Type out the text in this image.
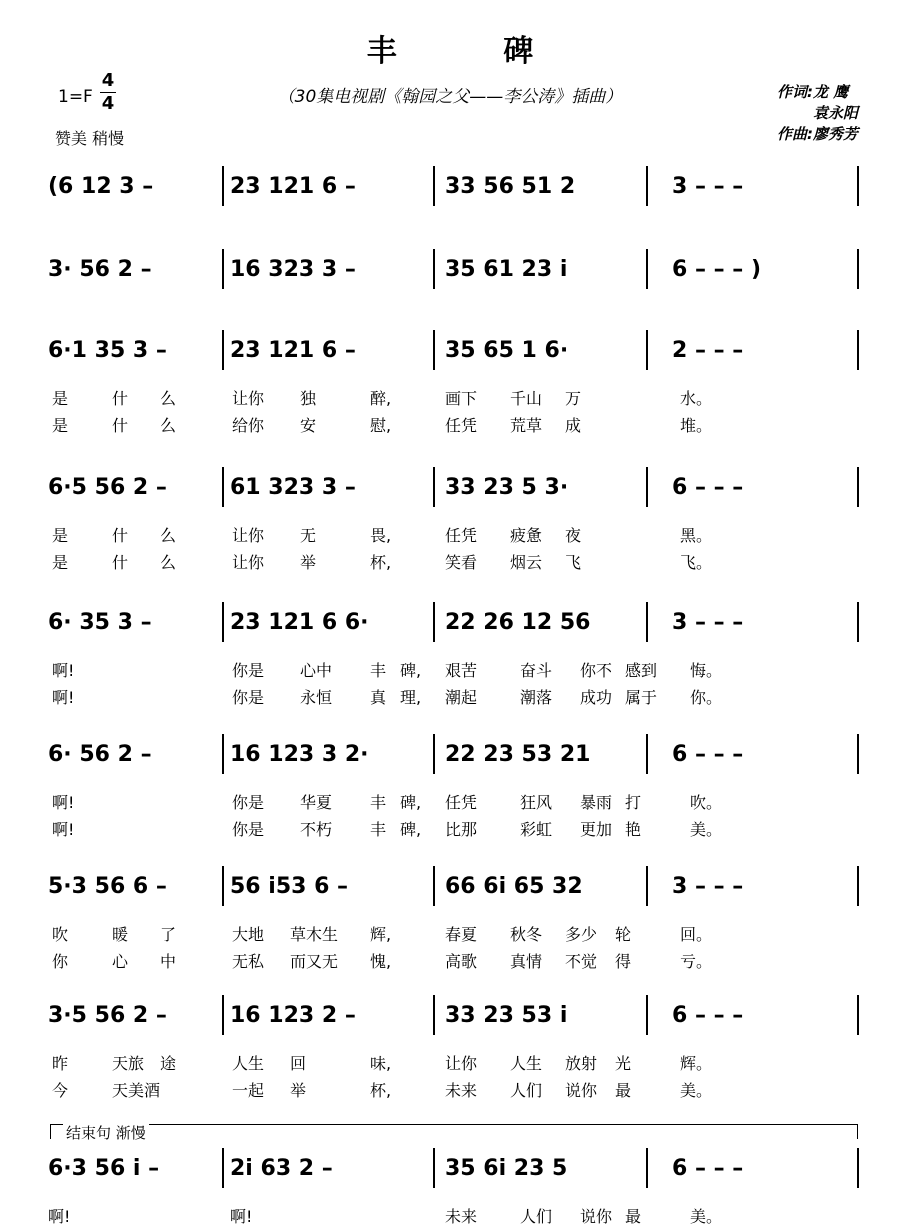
丰 碑
1=F
4
4	（30集电视剧《翰园之父——李公涛》插曲）
赞美 稍慢
作词:龙 鹰
袁永阳
作曲:廖秀芳
(6 12 3 –	23 121 6 –	33 56 51 2	3 – – –
3· 56 2 –	16 323 3 –	35 61 23 i	6 – – – )
6·1 35 3 –	23 121 6 –	35 65 1 6·	2 – – –
是	什 么	让你 独	醉,	画下 千山 万	水。
是	什 么	给你 安	慰,	任凭 荒草 成	堆。
6·5 56 2 –	61 323 3 –	33 23 5 3·	6 – – –
是	什 么	让你 无	畏,	任凭 疲惫 夜	黑。
是	什 么	让你 举	杯,	笑看 烟云 飞	飞。
6· 35 3 –	23 121 6 6·	22 26 12 56	3 – – –
啊!	你是 心中 丰 碑, 艰苦	奋斗 你不 感到 悔。
啊!	你是 永恒 真 理, 潮起	潮落 成功 属于 你。
6· 56 2 –	16 123 3 2·	22 23 53 21	6 – – –
啊!	你是 华夏 丰 碑, 任凭	狂风 暴雨 打	吹。
啊!	你是 不朽 丰 碑, 比那	彩虹 更加 艳	美。
5·3 56 6 –	56 i53 6 –	66 6i 65 32	3 – – –
吹	暖 了	大地 草木生 辉,	春夏 秋冬 多少 轮	回。
你	心 中	无私 而又无 愧,	高歌 真情 不觉 得	亏。
3·5 56 2 –	16 123 2 –	33 23 53 i	6 – – –
昨	天旅 途	人生 回	味,	让你 人生 放射 光	辉。
今	天美酒	一起 举	杯,	未来 人们 说你 最	美。
6·3 56 i –	2i 63 2 –	35 6i 23 5	6 – – –
啊!	啊!	未来	人们 说你 最	美。
结束句 渐慢
